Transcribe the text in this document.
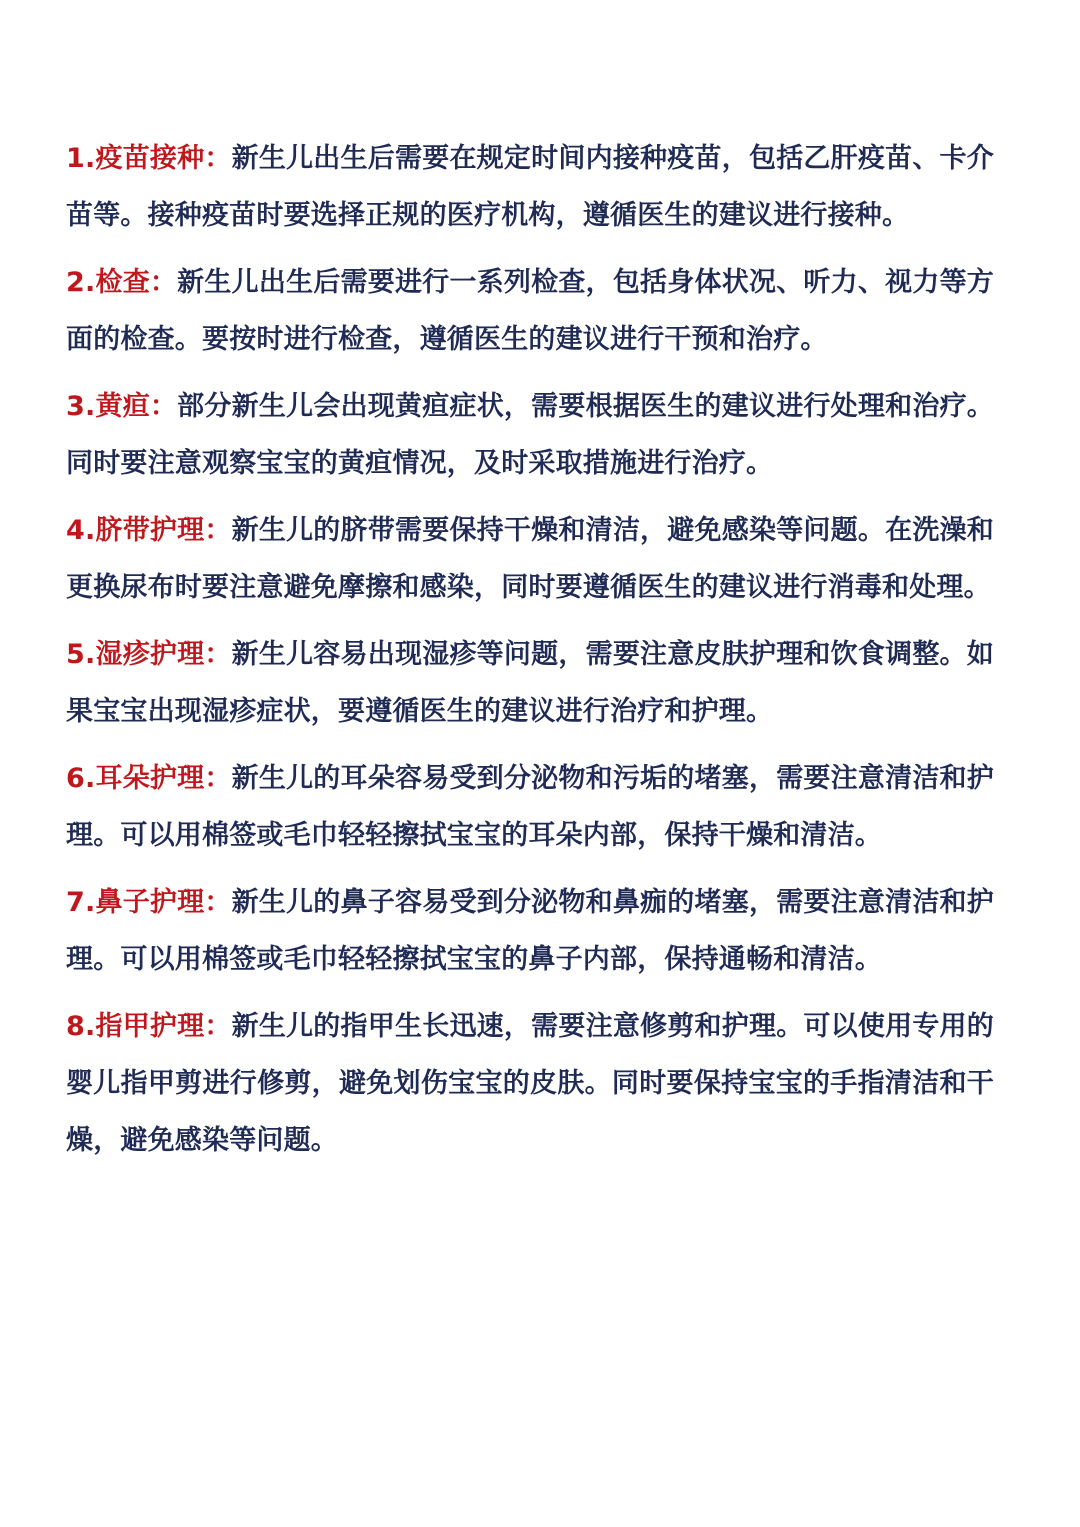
1.疫苗接种：新生儿出生后需要在规定时间内接种疫苗，包括乙肝疫苗、卡介苗等。接种疫苗时要选择正规的医疗机构，遵循医生的建议进行接种。

2.检查：新生儿出生后需要进行一系列检查，包括身体状况、听力、视力等方面的检查。要按时进行检查，遵循医生的建议进行干预和治疗。

3.黄疸：部分新生儿会出现黄疸症状，需要根据医生的建议进行处理和治疗。同时要注意观察宝宝的黄疸情况，及时采取措施进行治疗。

4.脐带护理：新生儿的脐带需要保持干燥和清洁，避免感染等问题。在洗澡和更换尿布时要注意避免摩擦和感染，同时要遵循医生的建议进行消毒和处理。

5.湿疹护理：新生儿容易出现湿疹等问题，需要注意皮肤护理和饮食调整。如果宝宝出现湿疹症状，要遵循医生的建议进行治疗和护理。

6.耳朵护理：新生儿的耳朵容易受到分泌物和污垢的堵塞，需要注意清洁和护理。可以用棉签或毛巾轻轻擦拭宝宝的耳朵内部，保持干燥和清洁。

7.鼻子护理：新生儿的鼻子容易受到分泌物和鼻痂的堵塞，需要注意清洁和护理。可以用棉签或毛巾轻轻擦拭宝宝的鼻子内部，保持通畅和清洁。

8.指甲护理：新生儿的指甲生长迅速，需要注意修剪和护理。可以使用专用的婴儿指甲剪进行修剪，避免划伤宝宝的皮肤。同时要保持宝宝的手指清洁和干燥，避免感染等问题。
